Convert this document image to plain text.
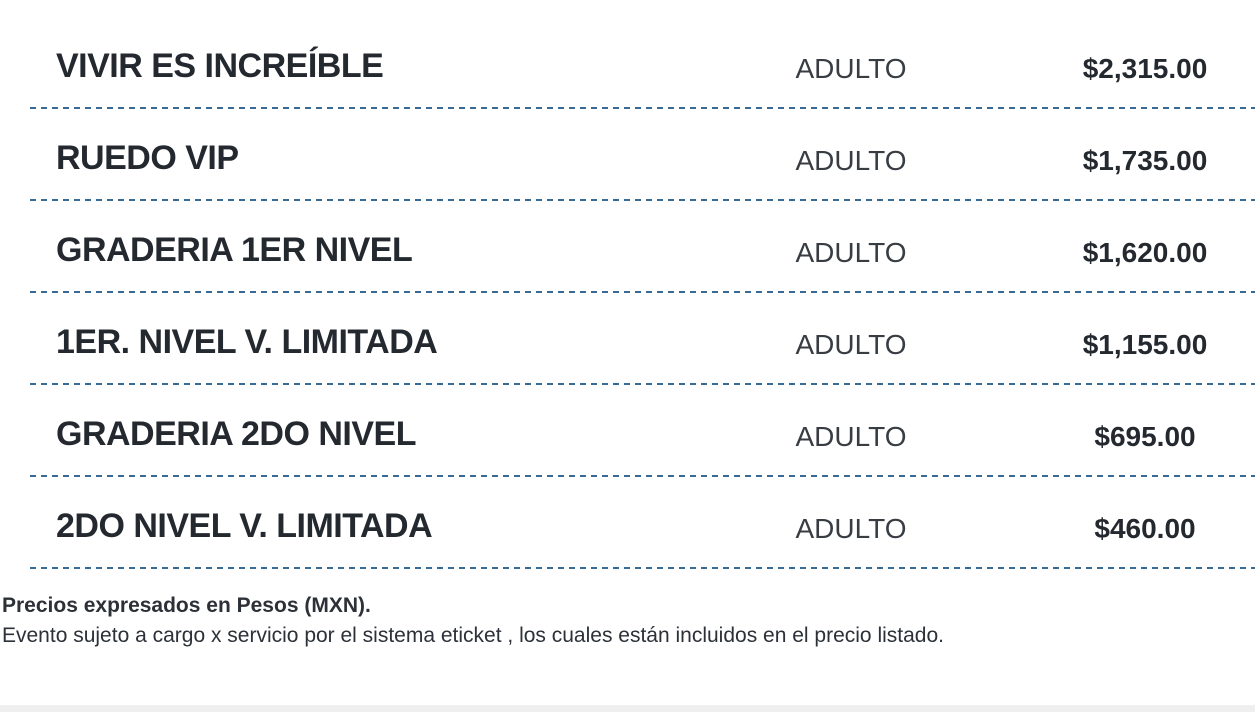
VIVIR ES INCREÍBLE	ADULTO	$2,315.00
RUEDO VIP	ADULTO	$1,735.00
GRADERIA 1ER NIVEL	ADULTO	$1,620.00
1ER. NIVEL V. LIMITADA	ADULTO	$1,155.00
GRADERIA 2DO NIVEL	ADULTO	$695.00
2DO NIVEL V. LIMITADA	ADULTO	$460.00
Precios expresados en Pesos (MXN).
Evento sujeto a cargo x servicio por el sistema eticket , los cuales están incluidos en el precio listado.
